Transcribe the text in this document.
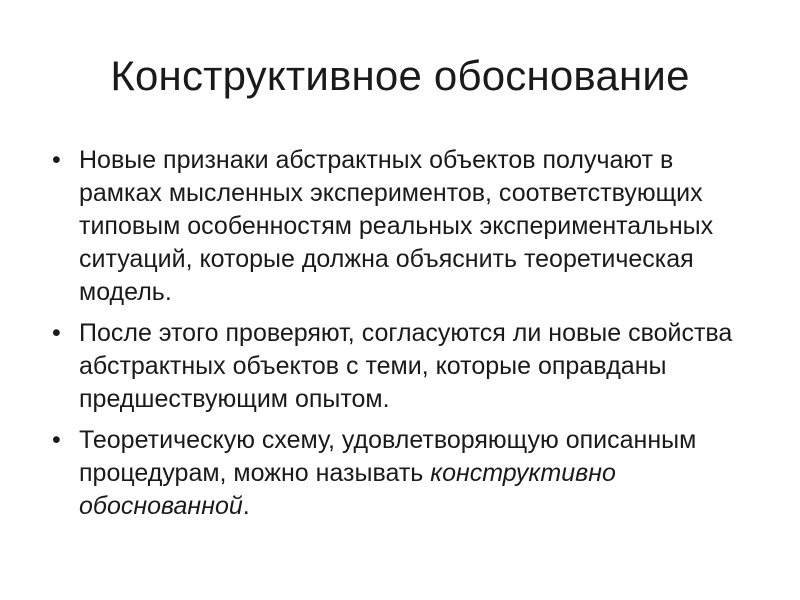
Конструктивное обоснование
• Новые признаки абстрактных объектов получают в рамках мысленных экспериментов, соответствующих типовым особенностям реальных экспериментальных ситуаций, которые должна объяснить теоретическая модель.
• После этого проверяют, согласуются ли новые свойства абстрактных объектов с теми, которые оправданы предшествующим опытом.
• Теоретическую схему, удовлетворяющую описанным процедурам, можно называть конструктивно обоснованной.
